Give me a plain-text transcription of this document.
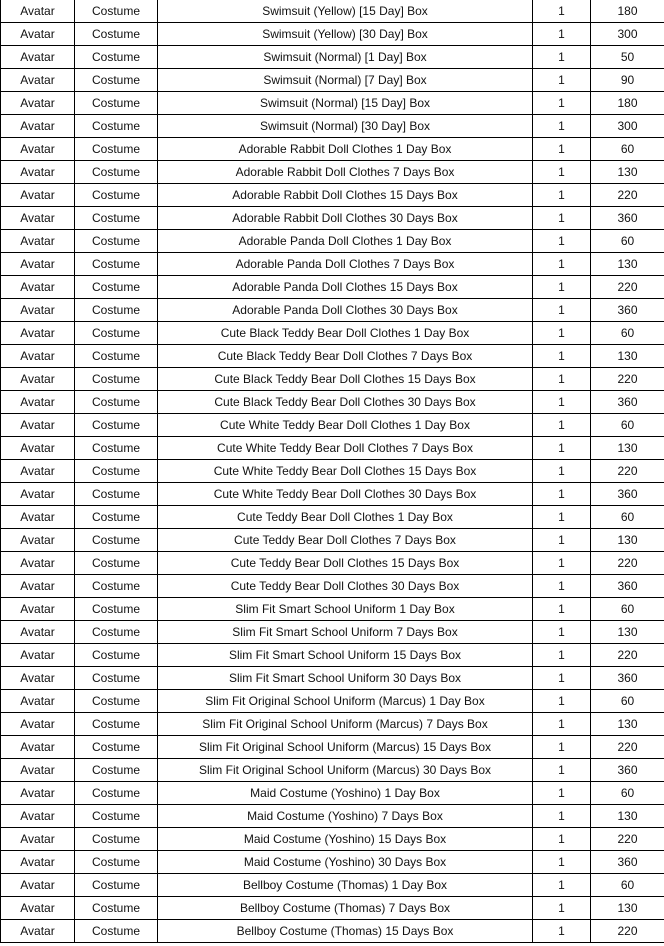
Avatar	Costume	Swimsuit (Yellow) [15 Day] Box	1	180
Avatar	Costume	Swimsuit (Yellow) [30 Day] Box	1	300
Avatar	Costume	Swimsuit (Normal) [1 Day] Box	1	50
Avatar	Costume	Swimsuit (Normal) [7 Day] Box	1	90
Avatar	Costume	Swimsuit (Normal) [15 Day] Box	1	180
Avatar	Costume	Swimsuit (Normal) [30 Day] Box	1	300
Avatar	Costume	Adorable Rabbit Doll Clothes 1 Day Box	1	60
Avatar	Costume	Adorable Rabbit Doll Clothes 7 Days Box	1	130
Avatar	Costume	Adorable Rabbit Doll Clothes 15 Days Box	1	220
Avatar	Costume	Adorable Rabbit Doll Clothes 30 Days Box	1	360
Avatar	Costume	Adorable Panda Doll Clothes 1 Day Box	1	60
Avatar	Costume	Adorable Panda Doll Clothes 7 Days Box	1	130
Avatar	Costume	Adorable Panda Doll Clothes 15 Days Box	1	220
Avatar	Costume	Adorable Panda Doll Clothes 30 Days Box	1	360
Avatar	Costume	Cute Black Teddy Bear Doll Clothes 1 Day Box	1	60
Avatar	Costume	Cute Black Teddy Bear Doll Clothes 7 Days Box	1	130
Avatar	Costume	Cute Black Teddy Bear Doll Clothes 15 Days Box	1	220
Avatar	Costume	Cute Black Teddy Bear Doll Clothes 30 Days Box	1	360
Avatar	Costume	Cute White Teddy Bear Doll Clothes 1 Day Box	1	60
Avatar	Costume	Cute White Teddy Bear Doll Clothes 7 Days Box	1	130
Avatar	Costume	Cute White Teddy Bear Doll Clothes 15 Days Box	1	220
Avatar	Costume	Cute White Teddy Bear Doll Clothes 30 Days Box	1	360
Avatar	Costume	Cute Teddy Bear Doll Clothes 1 Day Box	1	60
Avatar	Costume	Cute Teddy Bear Doll Clothes 7 Days Box	1	130
Avatar	Costume	Cute Teddy Bear Doll Clothes 15 Days Box	1	220
Avatar	Costume	Cute Teddy Bear Doll Clothes 30 Days Box	1	360
Avatar	Costume	Slim Fit Smart School Uniform 1 Day Box	1	60
Avatar	Costume	Slim Fit Smart School Uniform 7 Days Box	1	130
Avatar	Costume	Slim Fit Smart School Uniform 15 Days Box	1	220
Avatar	Costume	Slim Fit Smart School Uniform 30 Days Box	1	360
Avatar	Costume	Slim Fit Original School Uniform (Marcus) 1 Day Box	1	60
Avatar	Costume	Slim Fit Original School Uniform (Marcus) 7 Days Box	1	130
Avatar	Costume	Slim Fit Original School Uniform (Marcus) 15 Days Box	1	220
Avatar	Costume	Slim Fit Original School Uniform (Marcus) 30 Days Box	1	360
Avatar	Costume	Maid Costume (Yoshino) 1 Day Box	1	60
Avatar	Costume	Maid Costume (Yoshino) 7 Days Box	1	130
Avatar	Costume	Maid Costume (Yoshino) 15 Days Box	1	220
Avatar	Costume	Maid Costume (Yoshino) 30 Days Box	1	360
Avatar	Costume	Bellboy Costume (Thomas) 1 Day Box	1	60
Avatar	Costume	Bellboy Costume (Thomas) 7 Days Box	1	130
Avatar	Costume	Bellboy Costume (Thomas) 15 Days Box	1	220
